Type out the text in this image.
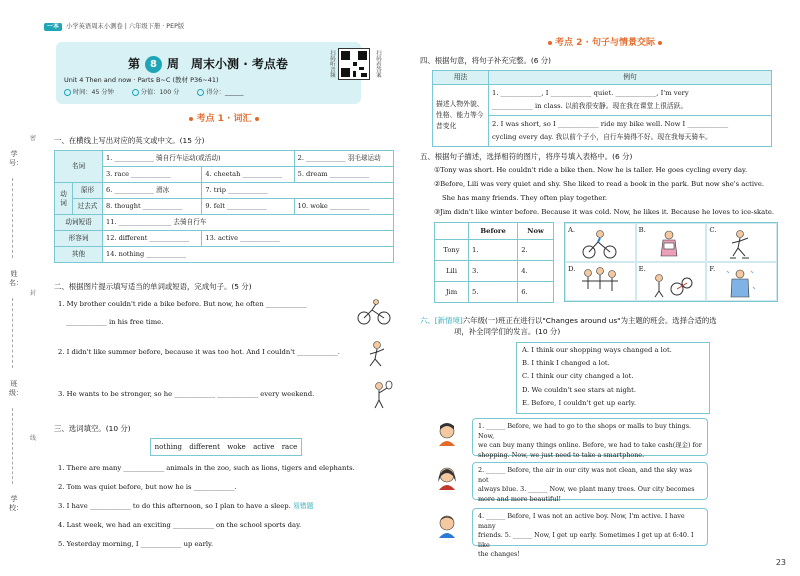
学号：
姓名：
班级：
学校：
密
封
线
一本	小学英语周末小测卷 | 六年级下册 · PEP版
第	8 周　周末小测 · 考点卷
Unit 4 Then and now · Parts B~C (教材 P36~41)
时间：45 分钟	分值：100 分	得分：______
扫码听音频	扫码看答案
考点 1 · 词汇
一、在横线上写出对应的英文或中文。(15 分)
名词		1. ____________ 骑自行车运动(或活动)		2. ____________ 羽毛球运动
		3. race ____________	4. cheetah ____________	5. dream ____________
动词	原形	6. ____________ 滑冰	7. trip ____________	
	过去式	8. thought ____________	9. felt ____________	10. woke ____________
动词短语		11. ________________ 去骑自行车		
形容词		12. different ____________	13. active ____________	
其他		14. nothing ____________		
二、根据图片提示填写适当的单词或短语，完成句子。(5 分)
1. My brother couldn't ride a bike before. But now, he often ____________
____________ in his free time.
2. I didn't like summer before, because it was too hot. And I couldn't ____________.
3. He wants to be stronger, so he ____________ ____________ every weekend.
三、选词填空。(10 分)
nothing different woke active race
1. There are many ____________ animals in the zoo, such as lions, tigers and elephants.
2. Tom was quiet before, but now he is ____________.
3. I have ____________ to do this afternoon, so I plan to have a sleep. 易错题
4. Last week, we had an exciting ____________ on the school sports day.
5. Yesterday morning, I ____________ up early.
考点 2 · 句子与情景交际
四、根据句意，将句子补充完整。(6 分)
用法	例句
描述人物外貌、性格、能力等今昔变化	1. ____________, I ____________ quiet. ____________, I'm very
____________ in class. 以前我很安静。现在我在课堂上很活跃。
	2. I was short, so I ____________ ride my bike well. Now I ____________
cycling every day. 我以前个子小，自行车骑得不好。现在我每天骑车。
五、根据句子描述，选择相符的图片，将序号填入表格中。(6 分)
①Tony was short. He couldn't ride a bike then. Now he is taller. He goes cycling every day.
②Before, Lili was very quiet and shy. She liked to read a book in the park. But now she's active.
She has many friends. They often play together.
③Jim didn't like winter before. Because it was cold. Now, he likes it. Because he loves to ice-skate.
	Before	Now
Tony	1.	2.
Lili	3.	4.
Jim	5.	6.
A.	B.	C.
D.	E.	F.
六、[新情境]六年级(一)班正在进行以"Changes around us"为主题的班会。选择合适的选
项，补全同学们的发言。(10 分)
A. I think our shopping ways changed a lot.
B. I think I changed a lot.
C. I think our city changed a lot.
D. We couldn't see stars at night.
E. Before, I couldn't get up early.
1. ______ Before, we had to go to the shops or malls to buy things. Now,
we can buy many things online. Before, we had to take cash(现金) for
shopping. Now, we just need to take a smartphone.
2. ______ Before, the air in our city was not clean, and the sky was not
always blue. 3. ______ Now, we plant many trees. Our city becomes
more and more beautiful!
4. ______ Before, I was not an active boy. Now, I'm active. I have many
friends. 5. ______ Now, I get up early. Sometimes I get up at 6:40. I like
the changes!
23
